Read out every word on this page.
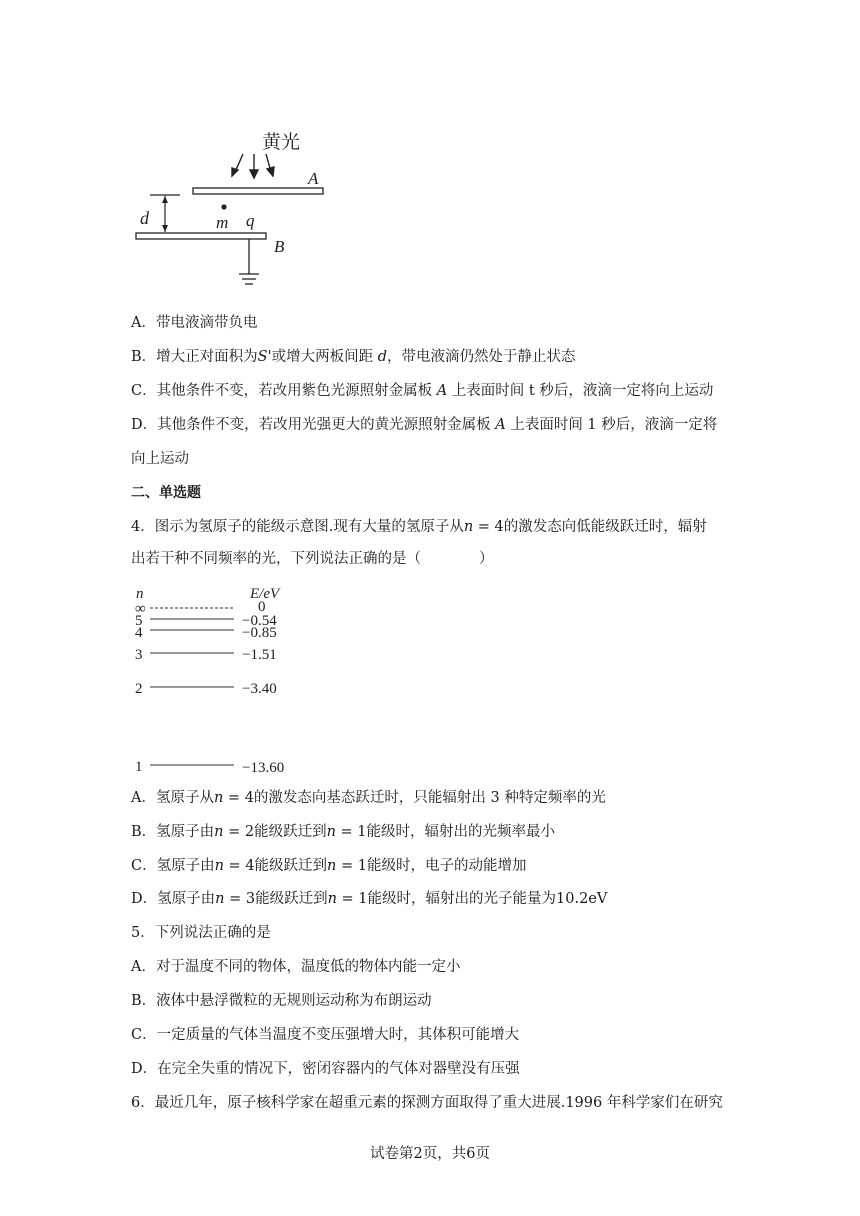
黄光
A
m q
B
d
A．带电液滴带负电
B．增大正对面积为S'或增大两板间距 d，带电液滴仍然处于静止状态
C．其他条件不变，若改用紫色光源照射金属板 A 上表面时间 t 秒后，液滴一定将向上运动
D．其他条件不变，若改用光强更大的黄光源照射金属板 A 上表面时间 1 秒后，液滴一定将
向上运动
二、单选题
4．图示为氢原子的能级示意图.现有大量的氢原子从n = 4的激发态向低能级跃迁时，辐射
出若干种不同频率的光，下列说法正确的是（　　　　）
n	E/eV
∞	0
5	−0.54
4	−0.85
3	−1.51
2	−3.40
1	−13.60
A．氢原子从n = 4的激发态向基态跃迁时，只能辐射出 3 种特定频率的光
B．氢原子由n = 2能级跃迁到n = 1能级时，辐射出的光频率最小
C．氢原子由n = 4能级跃迁到n = 1能级时，电子的动能增加
D．氢原子由n = 3能级跃迁到n = 1能级时，辐射出的光子能量为10.2eV
5．下列说法正确的是
A．对于温度不同的物体，温度低的物体内能一定小
B．液体中悬浮微粒的无规则运动称为布朗运动
C．一定质量的气体当温度不变压强增大时，其体积可能增大
D．在完全失重的情况下，密闭容器内的气体对器壁没有压强
6．最近几年，原子核科学家在超重元素的探测方面取得了重大进展.1996 年科学家们在研究
试卷第2页，共6页
